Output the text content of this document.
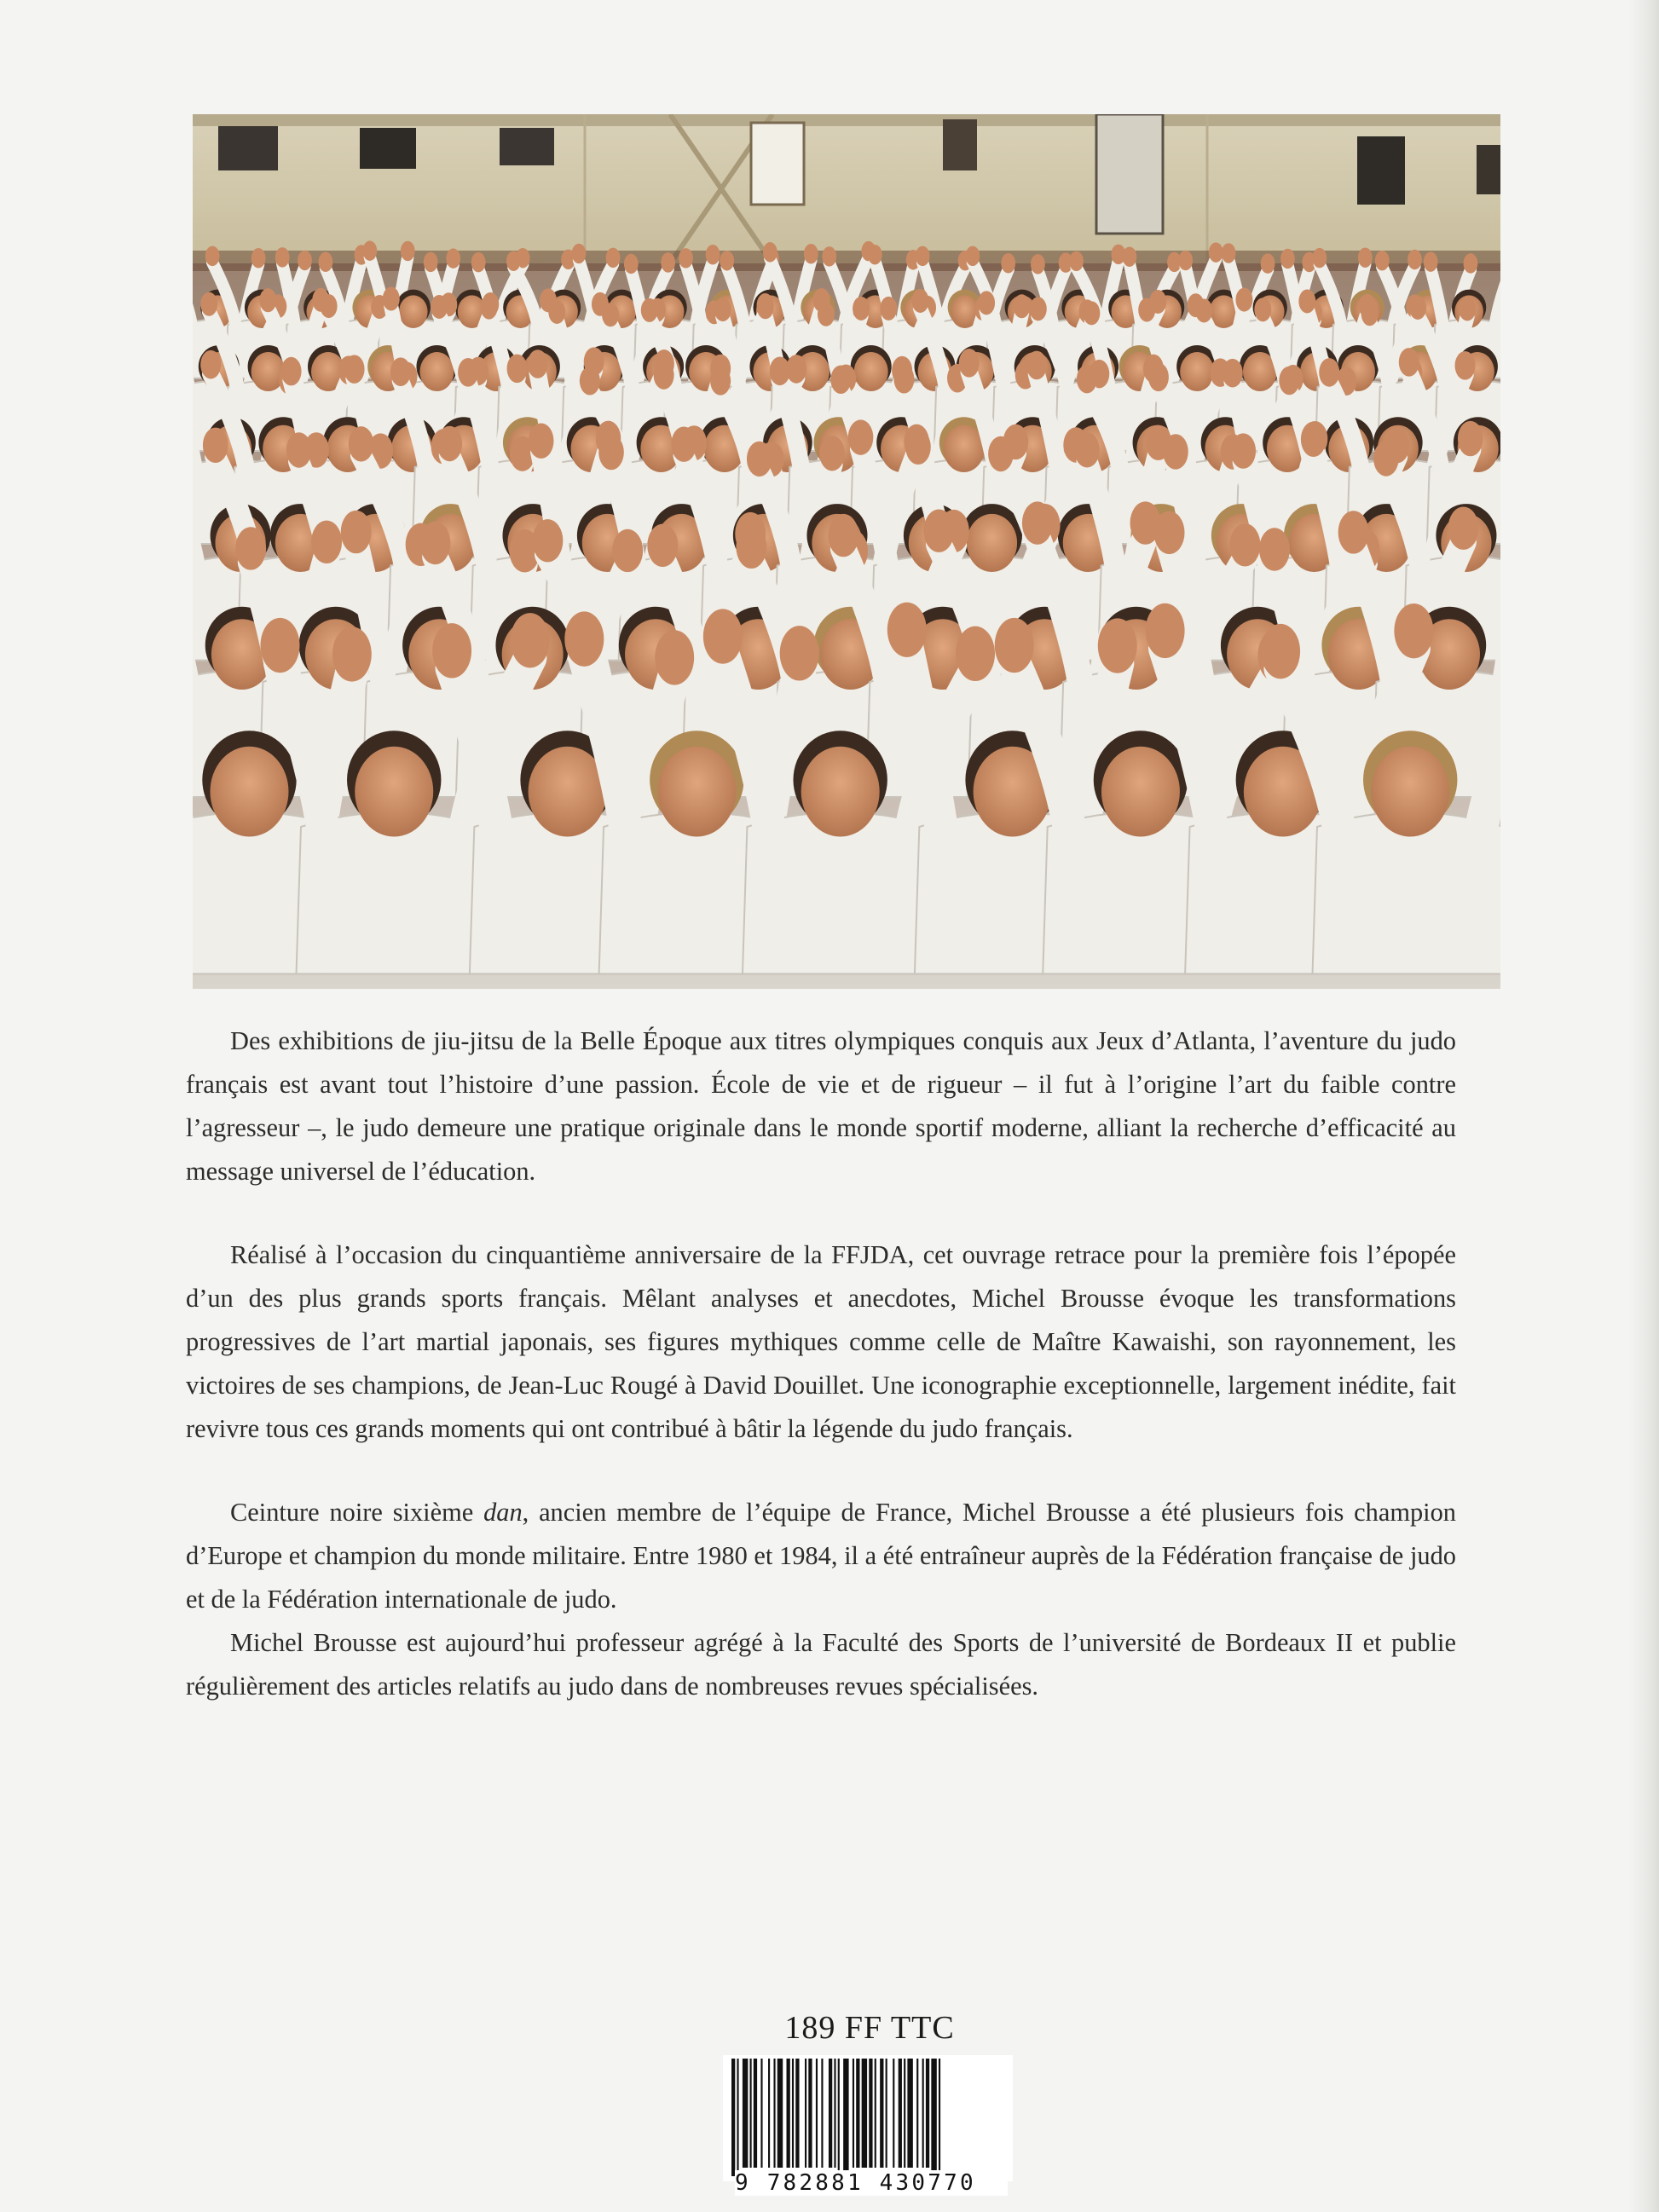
Des exhibitions de jiu-jitsu de la Belle Époque aux titres olympiques conquis aux Jeux d’Atlanta, l’aventure du judo français est avant tout l’histoire d’une passion. École de vie et de rigueur – il fut à l’origine l’art du faible contre l’agresseur –, le judo demeure une pratique originale dans le monde sportif moderne, alliant la recherche d’efficacité au message universel de l’éducation.

Réalisé à l’occasion du cinquantième anniversaire de la FFJDA, cet ouvrage retrace pour la première fois l’épopée d’un des plus grands sports français. Mêlant analyses et anecdotes, Michel Brousse évoque les transformations progressives de l’art martial japonais, ses figures mythiques comme celle de Maître Kawaishi, son rayonnement, les victoires de ses champions, de Jean-Luc Rougé à David Douillet. Une iconographie exceptionnelle, largement inédite, fait revivre tous ces grands moments qui ont contribué à bâtir la légende du judo français.

Ceinture noire sixième dan, ancien membre de l’équipe de France, Michel Brousse a été plusieurs fois champion d’Europe et champion du monde militaire. Entre 1980 et 1984, il a été entraîneur auprès de la Fédération française de judo et de la Fédération internationale de judo.

Michel Brousse est aujourd’hui professeur agrégé à la Faculté des Sports de l’université de Bordeaux II et publie régulièrement des articles relatifs au judo dans de nombreuses revues spécialisées.

189 FF TTC
9 782881 430770
